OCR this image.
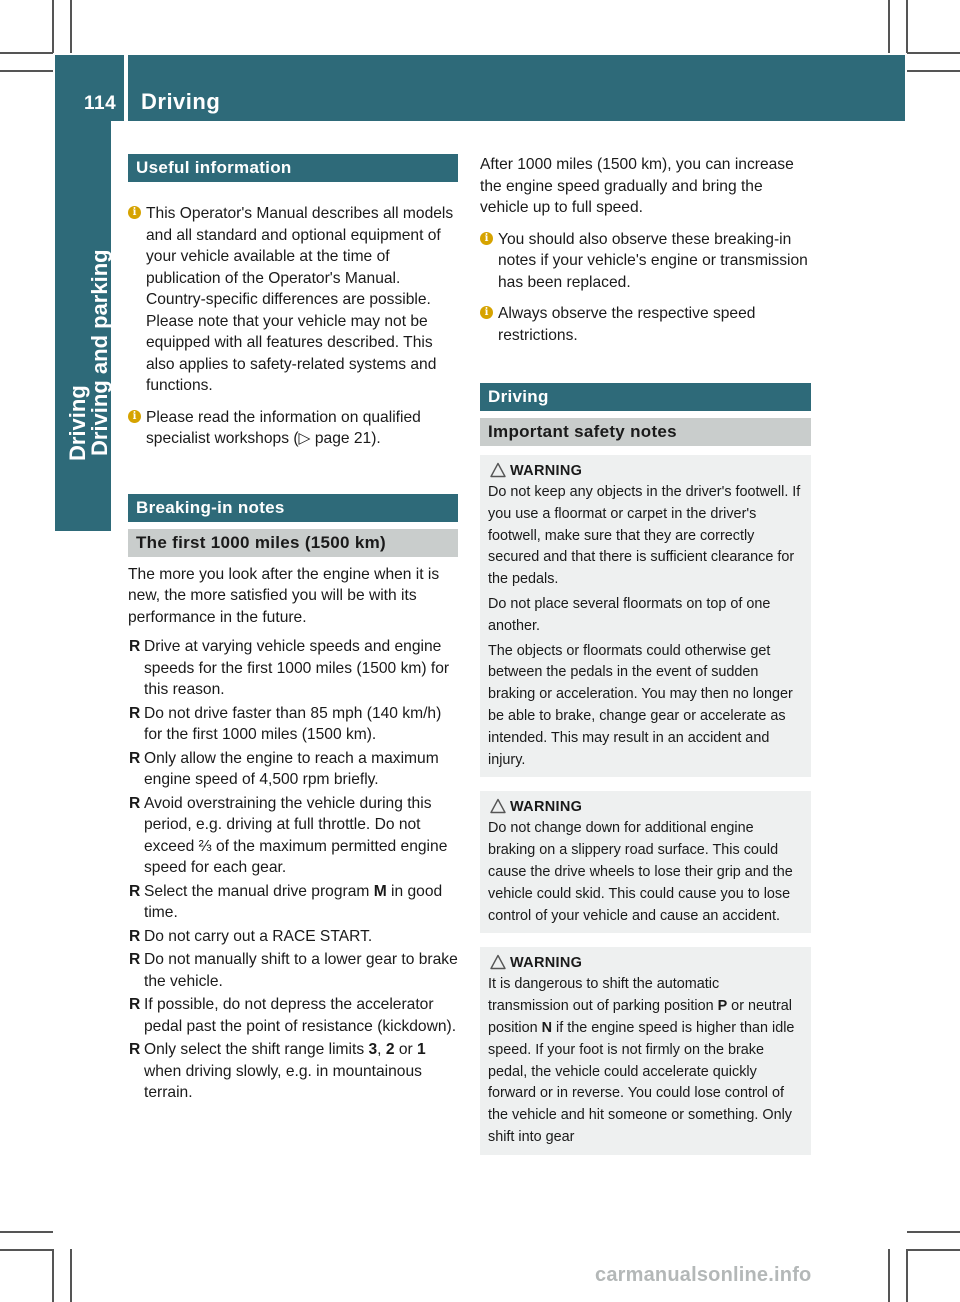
114 Driving
Driving
Driving and parking
Useful information
i This Operator's Manual describes all models and all standard and optional equipment of your vehicle available at the time of publication of the Operator's Manual. Country-specific differences are possible. Please note that your vehicle may not be equipped with all features described. This also applies to safety-related systems and functions.
i Please read the information on qualified specialist workshops (▷ page 21).
Breaking-in notes
The first 1000 miles (1500 km)

The more you look after the engine when it is new, the more satisfied you will be with its performance in the future.

R Drive at varying vehicle speeds and engine speeds for the first 1000 miles (1500 km) for this reason.
R Do not drive faster than 85 mph (140 km/h) for the first 1000 miles (1500 km).
R Only allow the engine to reach a maximum engine speed of 4,500 rpm briefly.
R Avoid overstraining the vehicle during this period, e.g. driving at full throttle. Do not exceed ⅔ of the maximum permitted engine speed for each gear.
R Select the manual drive program M in good time.
R Do not carry out a RACE START.
R Do not manually shift to a lower gear to brake the vehicle.
R If possible, do not depress the accelerator pedal past the point of resistance (kickdown).
R Only select the shift range limits 3, 2 or 1 when driving slowly, e.g. in mountainous terrain.

After 1000 miles (1500 km), you can increase the engine speed gradually and bring the vehicle up to full speed.

i You should also observe these breaking-in notes if your vehicle's engine or transmission has been replaced.
i Always observe the respective speed restrictions.
Driving
Important safety notes
WARNING

Do not keep any objects in the driver's footwell. If you use a floormat or carpet in the driver's footwell, make sure that they are correctly secured and that there is sufficient clearance for the pedals.

Do not place several floormats on top of one another.

The objects or floormats could otherwise get between the pedals in the event of sudden braking or acceleration. You may then no longer be able to brake, change gear or accelerate as intended. This may result in an accident and injury.

WARNING

Do not change down for additional engine braking on a slippery road surface. This could cause the drive wheels to lose their grip and the vehicle could skid. This could cause you to lose control of your vehicle and cause an accident.

WARNING

It is dangerous to shift the automatic transmission out of parking position P or neutral position N if the engine speed is higher than idle speed. If your foot is not firmly on the brake pedal, the vehicle could accelerate quickly forward or in reverse. You could lose control of the vehicle and hit someone or something. Only shift into gear

carmanualsonline.info
